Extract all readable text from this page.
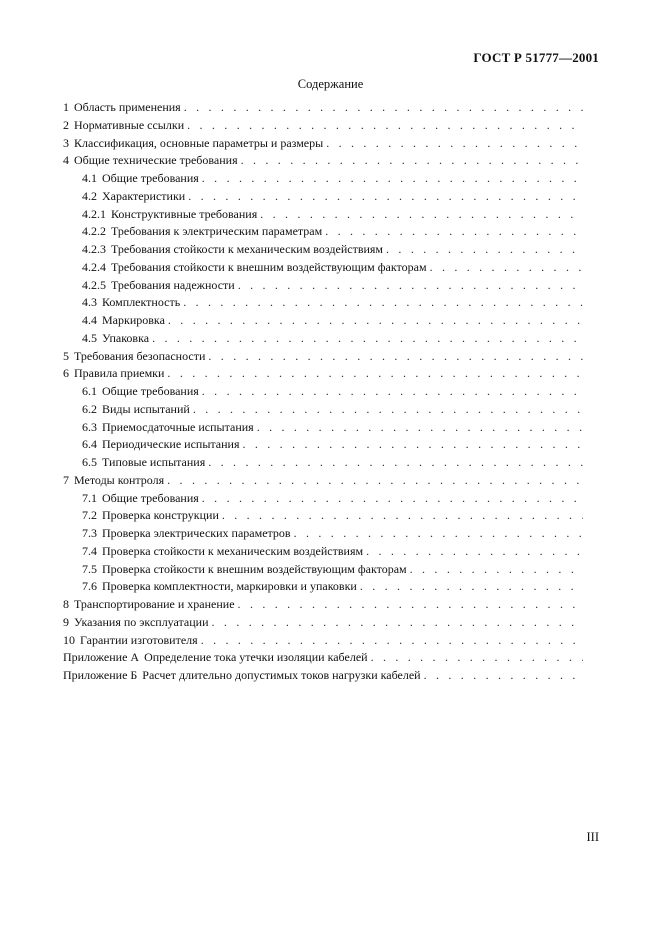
ГОСТ Р 51777—2001
Содержание
1 Область применения
. . .
2 Нормативные ссылки
. . .
3 Классификация, основные параметры и размеры
. . .
4 Общие технические требования
. . .
4.1 Общие требования
. . .
4.2 Характеристики
. . .
4.2.1 Конструктивные требования
. . .
4.2.2 Требования к электрическим параметрам
. . .
4.2.3 Требования стойкости к механическим воздействиям
. . .
4.2.4 Требования стойкости к внешним воздействующим факторам
. . .
4.2.5 Требования надежности
. . .
4.3 Комплектность
. . .
4.4 Маркировка
. . .
4.5 Упаковка
. . .
5 Требования безопасности
. . .
6 Правила приемки
. . .
6.1 Общие требования
. . .
6.2 Виды испытаний
. . .
6.3 Приемосдаточные испытания
. . .
6.4 Периодические испытания
. . .
6.5 Типовые испытания
. . .
7 Методы контроля
. . .
7.1 Общие требования
. . .
7.2 Проверка конструкции
. . .
7.3 Проверка электрических параметров
. . .
7.4 Проверка стойкости к механическим воздействиям
. . .
7.5 Проверка стойкости к внешним воздействующим факторам
. . .
7.6 Проверка комплектности, маркировки и упаковки
. . .
8 Транспортирование и хранение
. . .
9 Указания по эксплуатации
. . .
10 Гарантии изготовителя
. . .
Приложение А Определение тока утечки изоляции кабелей
. . .
Приложение Б Расчет длительно допустимых токов нагрузки кабелей
. . .
III
